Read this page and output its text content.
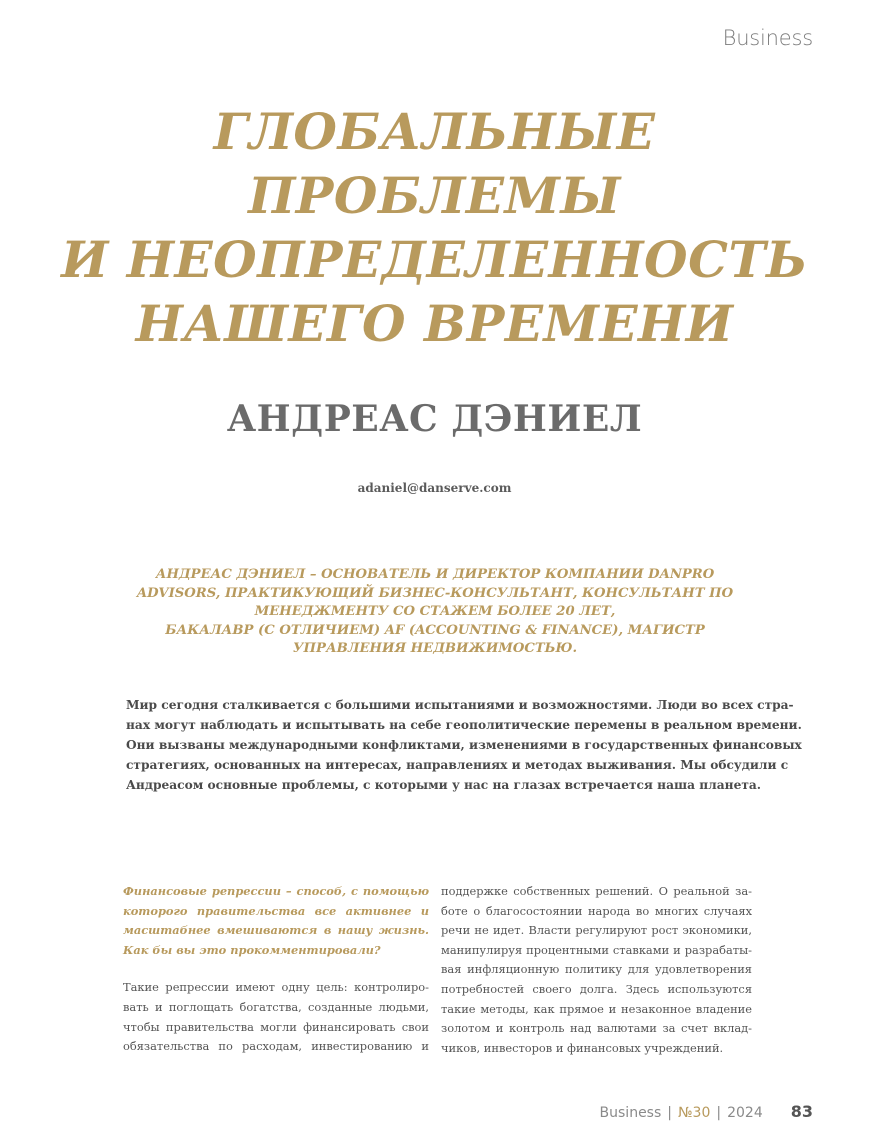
Business
ГЛОБАЛЬНЫЕ
ПРОБЛЕМЫ
И НЕОПРЕДЕЛЕННОСТЬ
НАШЕГО ВРЕМЕНИ
АНДРЕАС ДЭНИЕЛ
adaniel@danserve.com
АНДРЕАС ДЭНИЕЛ – ОСНОВАТЕЛЬ И ДИРЕКТОР КОМПАНИИ DANPRO
ADVISORS, ПРАКТИКУЮЩИЙ БИЗНЕС-КОНСУЛЬТАНТ, КОНСУЛЬТАНТ ПО
МЕНЕДЖМЕНТУ СО СТАЖЕМ БОЛЕЕ 20 ЛЕТ,
БАКАЛАВР (С ОТЛИЧИЕМ) AF (ACCOUNTING & FINANCE), МАГИСТР
УПРАВЛЕНИЯ НЕДВИЖИМОСТЬЮ.
Мир сегодня сталкивается с большими испытаниями и возможностями. Люди во всех стра-
нах могут наблюдать и испытывать на себе геополитические перемены в реальном времени.
Они вызваны международными конфликтами, изменениями в государственных финансовых
стратегиях, основанных на интересах, направлениях и методах выживания. Мы обсудили с
Андреасом основные проблемы, с которыми у нас на глазах встречается наша планета.
Финансовые репрессии – способ, с помощью
которого правительства все активнее и
масштабнее вмешиваются в нашу жизнь.
Как бы вы это прокомментировали?
Такие репрессии имеют одну цель: контролиро-
вать и поглощать богатства, созданные людьми,
чтобы правительства могли финансировать свои
обязательства по расходам, инвестированию и
поддержке собственных решений. О реальной за-
боте о благосостоянии народа во многих случаях
речи не идет. Власти регулируют рост экономики,
манипулируя процентными ставками и разрабаты-
вая инфляционную политику для удовлетворения
потребностей своего долга. Здесь используются
такие методы, как прямое и незаконное владение
золотом и контроль над валютами за счет вклад-
чиков, инвесторов и финансовых учреждений.
Business | №30 | 2024 83
